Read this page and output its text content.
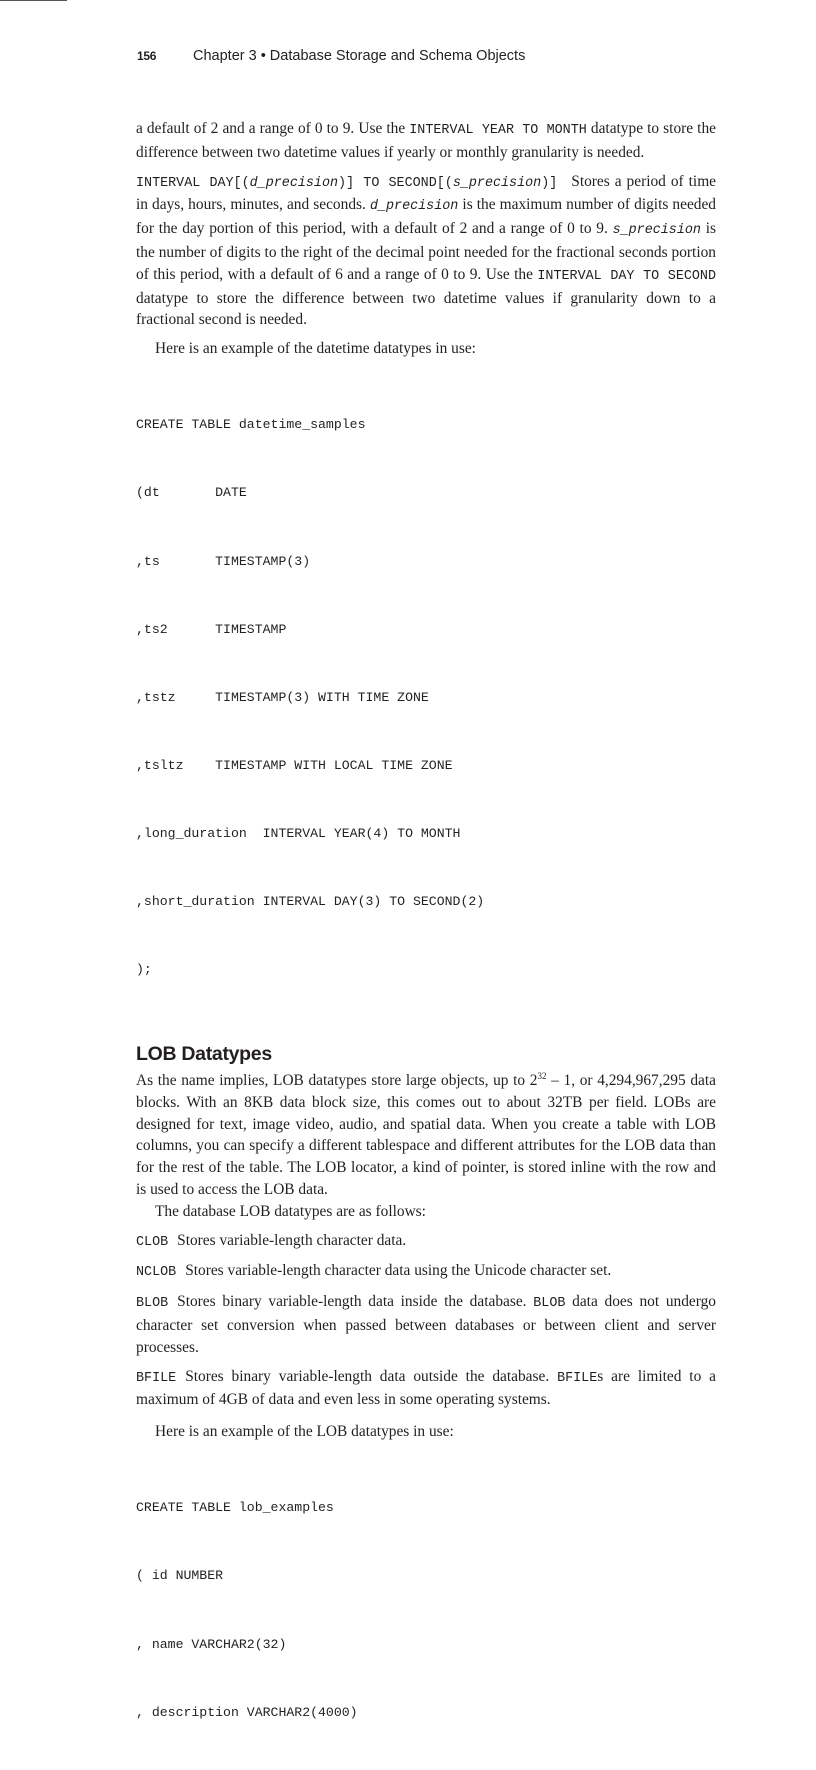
156	Chapter 3 • Database Storage and Schema Objects

a default of 2 and a range of 0 to 9. Use the INTERVAL YEAR TO MONTH datatype to store the difference between two datetime values if yearly or monthly granularity is needed.

INTERVAL DAY[(d_precision)] TO SECOND[(s_precision)] Stores a period of time in days, hours, minutes, and seconds. d_precision is the maximum number of digits needed for the day portion of this period, with a default of 2 and a range of 0 to 9. s_precision is the number of digits to the right of the decimal point needed for the fractional seconds portion of this period, with a default of 6 and a range of 0 to 9. Use the INTERVAL DAY TO SECOND datatype to store the difference between two datetime values if granularity down to a fractional second is needed.

Here is an example of the datetime datatypes in use:

CREATE TABLE datetime_samples

(dt       DATE

,ts       TIMESTAMP(3)

,ts2      TIMESTAMP

,tstz     TIMESTAMP(3) WITH TIME ZONE

,tsltz    TIMESTAMP WITH LOCAL TIME ZONE

,long_duration  INTERVAL YEAR(4) TO MONTH

,short_duration INTERVAL DAY(3) TO SECOND(2)

);

LOB Datatypes

As the name implies, LOB datatypes store large objects, up to $2^{32} - 1$, or 4,294,967,295 data blocks. With an 8KB data block size, this comes out to about 32TB per field. LOBs are designed for text, image video, audio, and spatial data. When you create a table with LOB columns, you can specify a different tablespace and different attributes for the LOB data than for the rest of the table. The LOB locator, a kind of pointer, is stored inline with the row and is used to access the LOB data.

The database LOB datatypes are as follows:

CLOB Stores variable-length character data.

NCLOB Stores variable-length character data using the Unicode character set.

BLOB Stores binary variable-length data inside the database. BLOB data does not undergo character set conversion when passed between databases or between client and server processes.

BFILE Stores binary variable-length data outside the database. BFILEs are limited to a maximum of 4GB of data and even less in some operating systems.

Here is an example of the LOB datatypes in use:

CREATE TABLE lob_examples

( id NUMBER

, name VARCHAR2(32)

, description VARCHAR2(4000)
